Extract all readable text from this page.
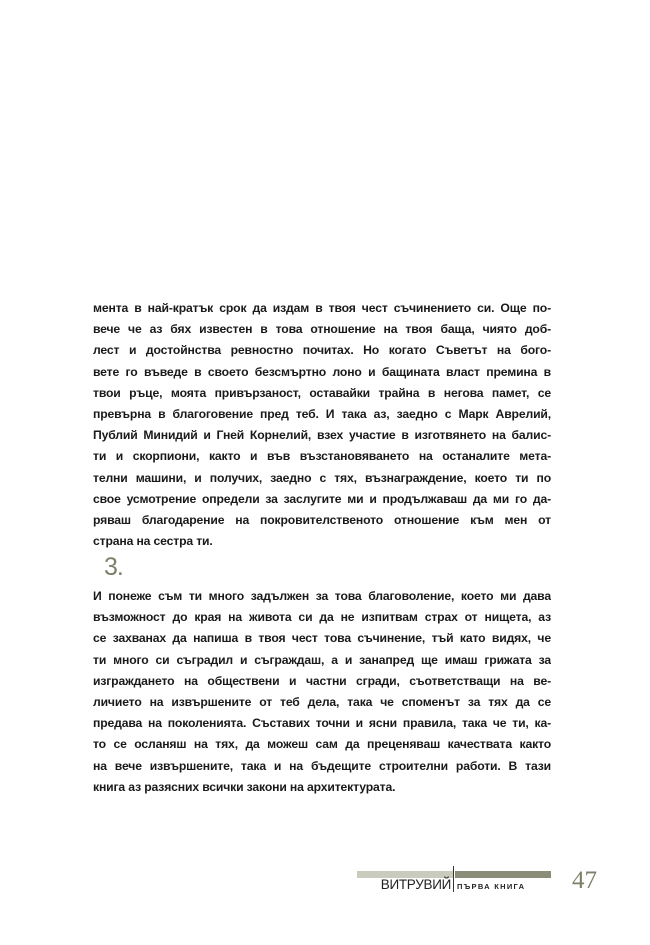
мента в най-кратък срок да издам в твоя чест съчинението си. Още по-
вече че аз бях известен в това отношение на твоя баща, чиято доб-
лест и достойнства ревностно почитах. Но когато Съветът на бого-
вете го въведе в своето безсмъртно лоно и бащината власт премина в
твои ръце, моята привързаност, оставайки трайна в негова памет, се
превърна в благоговение пред теб. И така аз, заедно с Марк Аврелий,
Публий Минидий и Гней Корнелий, взех участие в изготвянето на балис-
ти и скорпиони, както и във възстановяването на останалите мета-
телни машини, и получих, заедно с тях, възнаграждение, което ти по
свое усмотрение определи за заслугите ми и продължаваш да ми го да-
ряваш благодарение на покровителственото отношение към мен от
страна на сестра ти.
3.
И понеже съм ти много задължен за това благоволение, което ми дава
възможност до края на живота си да не изпитвам страх от нищета, аз
се захванах да напиша в твоя чест това съчинение, тъй като видях, че
ти много си съградил и съграждаш, а и занапред ще имаш грижата за
изграждането на обществени и частни сгради, съответстващи на ве-
личието на извършените от теб дела, така че споменът за тях да се
предава на поколенията. Съставих точни и ясни правила, така че ти, ка-
то се осланяш на тях, да можеш сам да преценяваш качествата както
на вече извършените, така и на бъдещите строителни работи. В тази
книга аз разясних всички закони на архитектурата.
ВИТРУВИЙ ПЪРВА КНИГА 47
